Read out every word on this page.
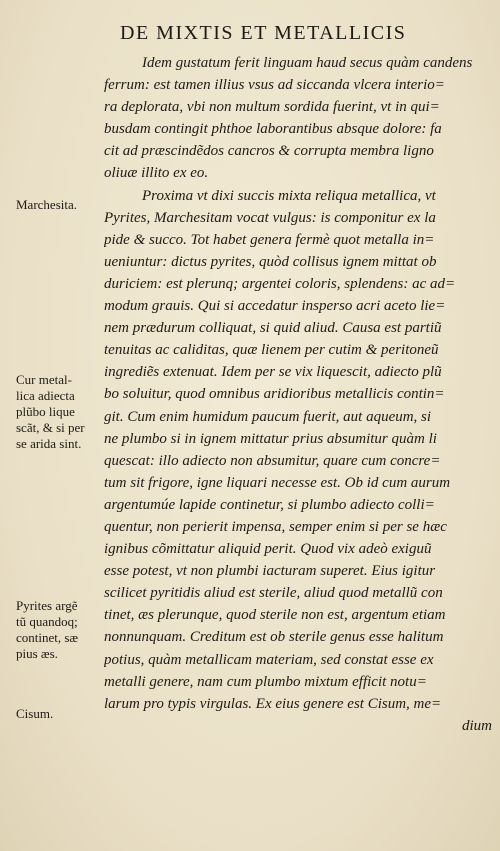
DE MIXTIS ET METALLICIS
Idem gustatum ferit linguam haud secus quàm candens
ferrum: est tamen illius vsus ad siccanda vlcera interio=
ra deplorata, vbi non multum sordida fuerint, vt in qui=
busdam contingit phthoe laborantibus absque dolore: fa
cit ad præscindẽdos cancros & corrupta membra ligno
oliuæ illito ex eo.
Proxima vt dixi succis mixta reliqua metallica, vt
Pyrites, Marchesitam vocat vulgus: is componitur ex la
pide & succo. Tot habet genera fermè quot metalla in=
ueniuntur: dictus pyrites, quòd collisus ignem mittat ob
duriciem: est plerunq; argentei coloris, splendens: ac ad=
modum grauis. Qui si accedatur insperso acri aceto lie=
nem prædurum colliquat, si quid aliud. Causa est partiũ
tenuitas ac caliditas, quæ lienem per cutim & peritoneũ
ingrediẽs extenuat. Idem per se vix liquescit, adiecto plũ
bo soluitur, quod omnibus aridioribus metallicis contin=
git. Cum enim humidum paucum fuerit, aut aqueum, si
ne plumbo si in ignem mittatur prius absumitur quàm li
quescat: illo adiecto non absumitur, quare cum concre=
tum sit frigore, igne liquari necesse est. Ob id cum aurum
argentumúe lapide continetur, si plumbo adiecto colli=
quentur, non perierit impensa, semper enim si per se hæc
ignibus cõmittatur aliquid perit. Quod vix adeò exiguũ
esse potest, vt non plumbi iacturam superet. Eius igitur
scilicet pyritidis aliud est sterile, aliud quod metallũ con
tinet, æs plerunque, quod sterile non est, argentum etiam
nonnunquam. Creditum est ob sterile genus esse halitum
potius, quàm metallicam materiam, sed constat esse ex
metalli genere, nam cum plumbo mixtum efficit notu=
larum pro typis virgulas. Ex eius genere est Cisum, me=
dium
Marchesita.
Cur metal-
lica adiecta
plũbo lique
scãt, & si per
se arida sint.
Pyrites argẽ
tũ quandoq;
continet, sæ
pius æs.
Cisum.
